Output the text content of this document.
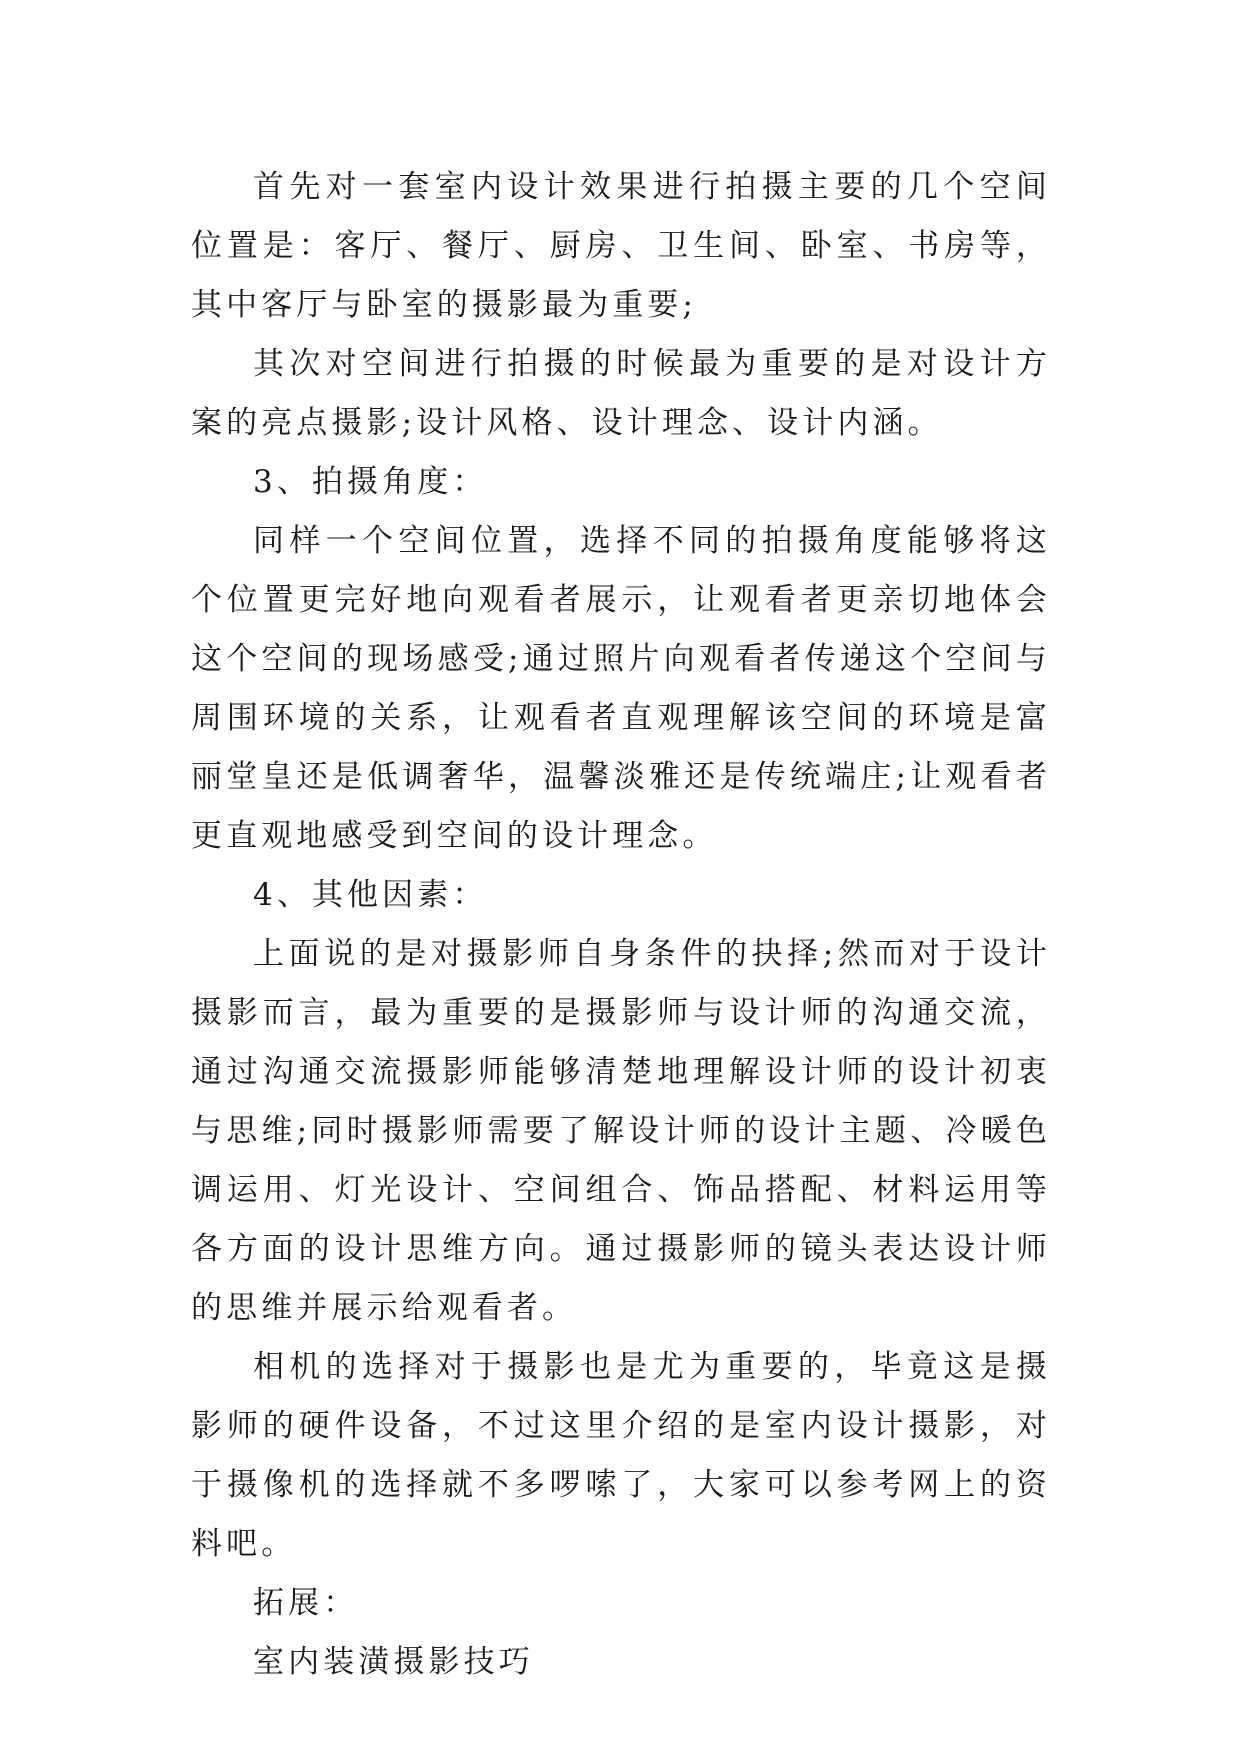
首先对一套室内设计效果进行拍摄主要的几个空间位置是：客厅、餐厅、厨房、卫生间、卧室、书房等，其中客厅与卧室的摄影最为重要;

其次对空间进行拍摄的时候最为重要的是对设计方案的亮点摄影;设计风格、设计理念、设计内涵。

3、拍摄角度：

同样一个空间位置，选择不同的拍摄角度能够将这个位置更完好地向观看者展示，让观看者更亲切地体会这个空间的现场感受;通过照片向观看者传递这个空间与周围环境的关系，让观看者直观理解该空间的环境是富丽堂皇还是低调奢华，温馨淡雅还是传统端庄;让观看者更直观地感受到空间的设计理念。

4、其他因素：

上面说的是对摄影师自身条件的抉择;然而对于设计摄影而言，最为重要的是摄影师与设计师的沟通交流，通过沟通交流摄影师能够清楚地理解设计师的设计初衷与思维;同时摄影师需要了解设计师的设计主题、冷暖色调运用、灯光设计、空间组合、饰品搭配、材料运用等各方面的设计思维方向。通过摄影师的镜头表达设计师的思维并展示给观看者。

相机的选择对于摄影也是尤为重要的，毕竟这是摄影师的硬件设备，不过这里介绍的是室内设计摄影，对于摄像机的选择就不多啰嗦了，大家可以参考网上的资料吧。

拓展：

室内装潢摄影技巧
